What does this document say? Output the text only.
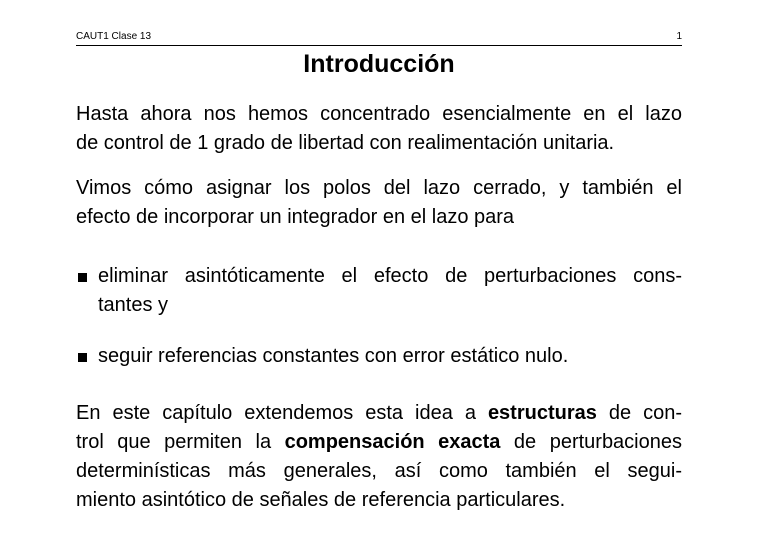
CAUT1 Clase 13	1
Introducción

Hasta ahora nos hemos concentrado esencialmente en el lazo
de control de 1 grado de libertad con realimentación unitaria.

Vimos cómo asignar los polos del lazo cerrado, y también el
efecto de incorporar un integrador en el lazo para

eliminar asintóticamente el efecto de perturbaciones cons-
tantes y
seguir referencias constantes con error estático nulo.

En este capítulo extendemos esta idea a estructuras de con-
trol que permiten la compensación exacta de perturbaciones
determinísticas más generales, así como también el segui-
miento asintótico de señales de referencia particulares.
